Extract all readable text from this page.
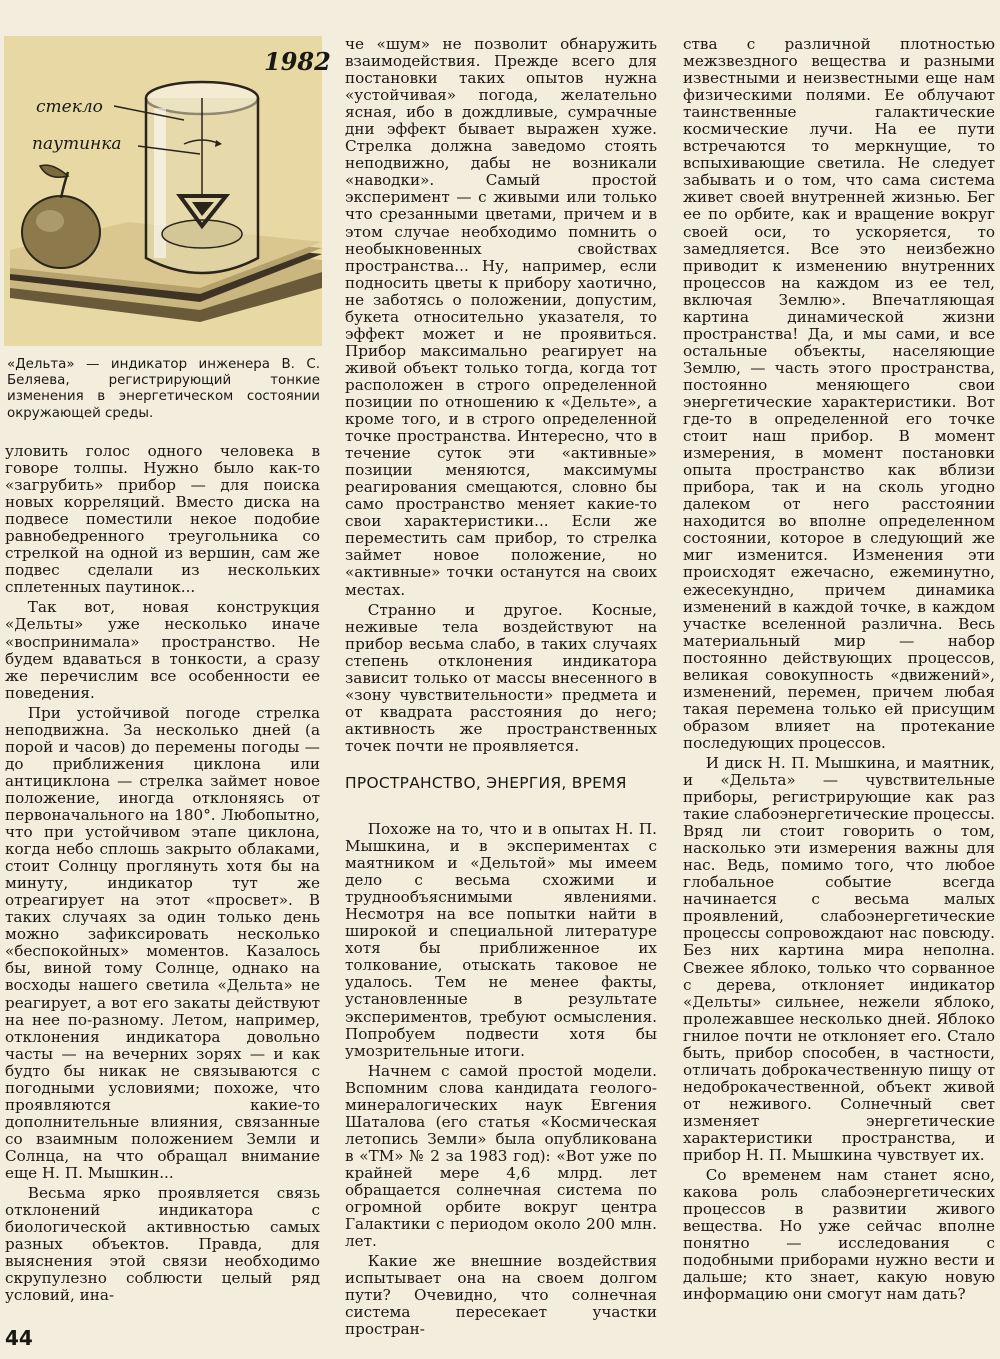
1982
стекло
паутинка

«Дельта» — индикатор инженера В. С. Беляева, регистрирующий тонкие изменения в энергетическом состоянии окружающей среды.

уловить голос одного человека в говоре толпы. Нужно было как-то «загрубить» прибор — для поиска новых корреляций. Вместо диска на подвесе поместили некое подобие равнобедренного треугольника со стрелкой на одной из вершин, сам же подвес сделали из нескольких сплетенных паутинок...

Так вот, новая конструкция «Дельты» уже несколько иначе «воспринимала» пространство. Не будем вдаваться в тонкости, а сразу же перечислим все особенности ее поведения.

При устойчивой погоде стрелка неподвижна. За несколько дней (а порой и часов) до перемены погоды — до приближения циклона или антициклона — стрелка займет новое положение, иногда отклоняясь от первоначального на 180°. Любопытно, что при устойчивом этапе циклона, когда небо сплошь закрыто облаками, стоит Солнцу проглянуть хотя бы на минуту, индикатор тут же отреагирует на этот «просвет». В таких случаях за один только день можно зафиксировать несколько «беспокойных» моментов. Казалось бы, виной тому Солнце, однако на восходы нашего светила «Дельта» не реагирует, а вот его закаты действуют на нее по-разному. Летом, например, отклонения индикатора довольно часты — на вечерних зорях — и как будто бы никак не связываются с погодными условиями; похоже, что проявляются какие-то дополнительные влияния, связанные со взаимным положением Земли и Солнца, на что обращал внимание еще Н. П. Мышкин...

Весьма ярко проявляется связь отклонений индикатора с биологической активностью самых разных объектов. Правда, для выяснения этой связи необходимо скрупулезно соблюсти целый ряд условий, ина-

че «шум» не позволит обнаружить взаимодействия. Прежде всего для постановки таких опытов нужна «устойчивая» погода, желательно ясная, ибо в дождливые, сумрачные дни эффект бывает выражен хуже. Стрелка должна заведомо стоять неподвижно, дабы не возникали «наводки». Самый простой эксперимент — с живыми или только что срезанными цветами, причем и в этом случае необходимо помнить о необыкновенных свойствах пространства... Ну, например, если подносить цветы к прибору хаотично, не заботясь о положении, допустим, букета относительно указателя, то эффект может и не проявиться. Прибор максимально реагирует на живой объект только тогда, когда тот расположен в строго определенной позиции по отношению к «Дельте», а кроме того, и в строго определенной точке пространства. Интересно, что в течение суток эти «активные» позиции меняются, максимумы реагирования смещаются, словно бы само пространство меняет какие-то свои характеристики... Если же переместить сам прибор, то стрелка займет новое положение, но «активные» точки останутся на своих местах.

Странно и другое. Косные, неживые тела воздействуют на прибор весьма слабо, в таких случаях степень отклонения индикатора зависит только от массы внесенного в «зону чувствительности» предмета и от квадрата расстояния до него; активность же пространственных точек почти не проявляется.

ПРОСТРАНСТВО, ЭНЕРГИЯ, ВРЕМЯ

Похоже на то, что и в опытах Н. П. Мышкина, и в экспериментах с маятником и «Дельтой» мы имеем дело с весьма схожими и труднообъяснимыми явлениями. Несмотря на все попытки найти в широкой и специальной литературе хотя бы приближенное их толкование, отыскать таковое не удалось. Тем не менее факты, установленные в результате экспериментов, требуют осмысления. Попробуем подвести хотя бы умозрительные итоги.

Начнем с самой простой модели. Вспомним слова кандидата геолого-минералогических наук Евгения Шаталова (его статья «Космическая летопись Земли» была опубликована в «ТМ» № 2 за 1983 год): «Вот уже по крайней мере 4,6 млрд. лет обращается солнечная система по огромной орбите вокруг центра Галактики с периодом около 200 млн. лет.

Какие же внешние воздействия испытывает она на своем долгом пути? Очевидно, что солнечная система пересекает участки простран-

ства с различной плотностью межзвездного вещества и разными известными и неизвестными еще нам физическими полями. Ее облучают таинственные галактические космические лучи. На ее пути встречаются то меркнущие, то вспыхивающие светила. Не следует забывать и о том, что сама система живет своей внутренней жизнью. Бег ее по орбите, как и вращение вокруг своей оси, то ускоряется, то замедляется. Все это неизбежно приводит к изменению внутренних процессов на каждом из ее тел, включая Землю». Впечатляющая картина динамической жизни пространства! Да, и мы сами, и все остальные объекты, населяющие Землю, — часть этого пространства, постоянно меняющего свои энергетические характеристики. Вот где-то в определенной его точке стоит наш прибор. В момент измерения, в момент постановки опыта пространство как вблизи прибора, так и на сколь угодно далеком от него расстоянии находится во вполне определенном состоянии, которое в следующий же миг изменится. Изменения эти происходят ежечасно, ежеминутно, ежесекундно, причем динамика изменений в каждой точке, в каждом участке вселенной различна. Весь материальный мир — набор постоянно действующих процессов, великая совокупность «движений», изменений, перемен, причем любая такая перемена только ей присущим образом влияет на протекание последующих процессов.

И диск Н. П. Мышкина, и маятник, и «Дельта» — чувствительные приборы, регистрирующие как раз такие слабоэнергетические процессы. Вряд ли стоит говорить о том, насколько эти измерения важны для нас. Ведь, помимо того, что любое глобальное событие всегда начинается с весьма малых проявлений, слабоэнергетические процессы сопровождают нас повсюду. Без них картина мира неполна. Свежее яблоко, только что сорванное с дерева, отклоняет индикатор «Дельты» сильнее, нежели яблоко, пролежавшее несколько дней. Яблоко гнилое почти не отклоняет его. Стало быть, прибор способен, в частности, отличать доброкачественную пищу от недоброкачественной, объект живой от неживого. Солнечный свет изменяет энергетические характеристики пространства, и прибор Н. П. Мышкина чувствует их.

Со временем нам станет ясно, какова роль слабоэнергетических процессов в развитии живого вещества. Но уже сейчас вполне понятно — исследования с подобными приборами нужно вести и дальше; кто знает, какую новую информацию они смогут нам дать?

44
